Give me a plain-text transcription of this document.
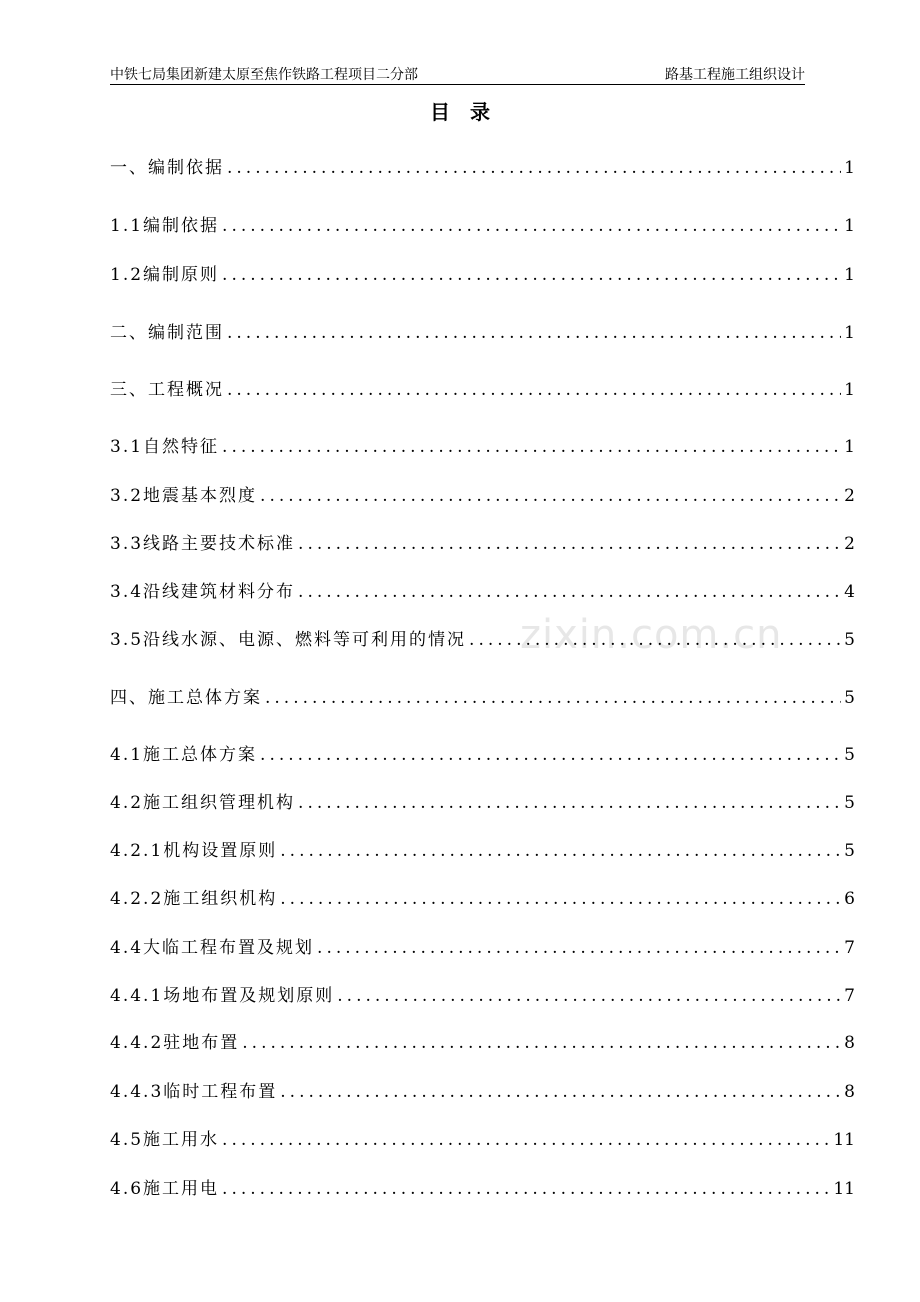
中铁七局集团新建太原至焦作铁路工程项目二分部	路基工程施工组织设计
目录
zixin.com.cn
一、编制依据 .....	1
1.1编制依据 .....	1
1.2编制原则 .....	1
二、编制范围 .....	1
三、工程概况 .....	1
3.1自然特征 .....	1
3.2地震基本烈度 .....	2
3.3线路主要技术标准 .....	2
3.4沿线建筑材料分布 .....	4
3.5沿线水源、电源、燃料等可利用的情况 .....	5
四、施工总体方案 .....	5
4.1施工总体方案 .....	5
4.2施工组织管理机构 .....	5
4.2.1机构设置原则 .....	5
4.2.2施工组织机构 .....	6
4.4大临工程布置及规划 .....	7
4.4.1场地布置及规划原则 .....	7
4.4.2驻地布置 .....	8
4.4.3临时工程布置 .....	8
4.5施工用水 .....	11
4.6施工用电 .....	11
